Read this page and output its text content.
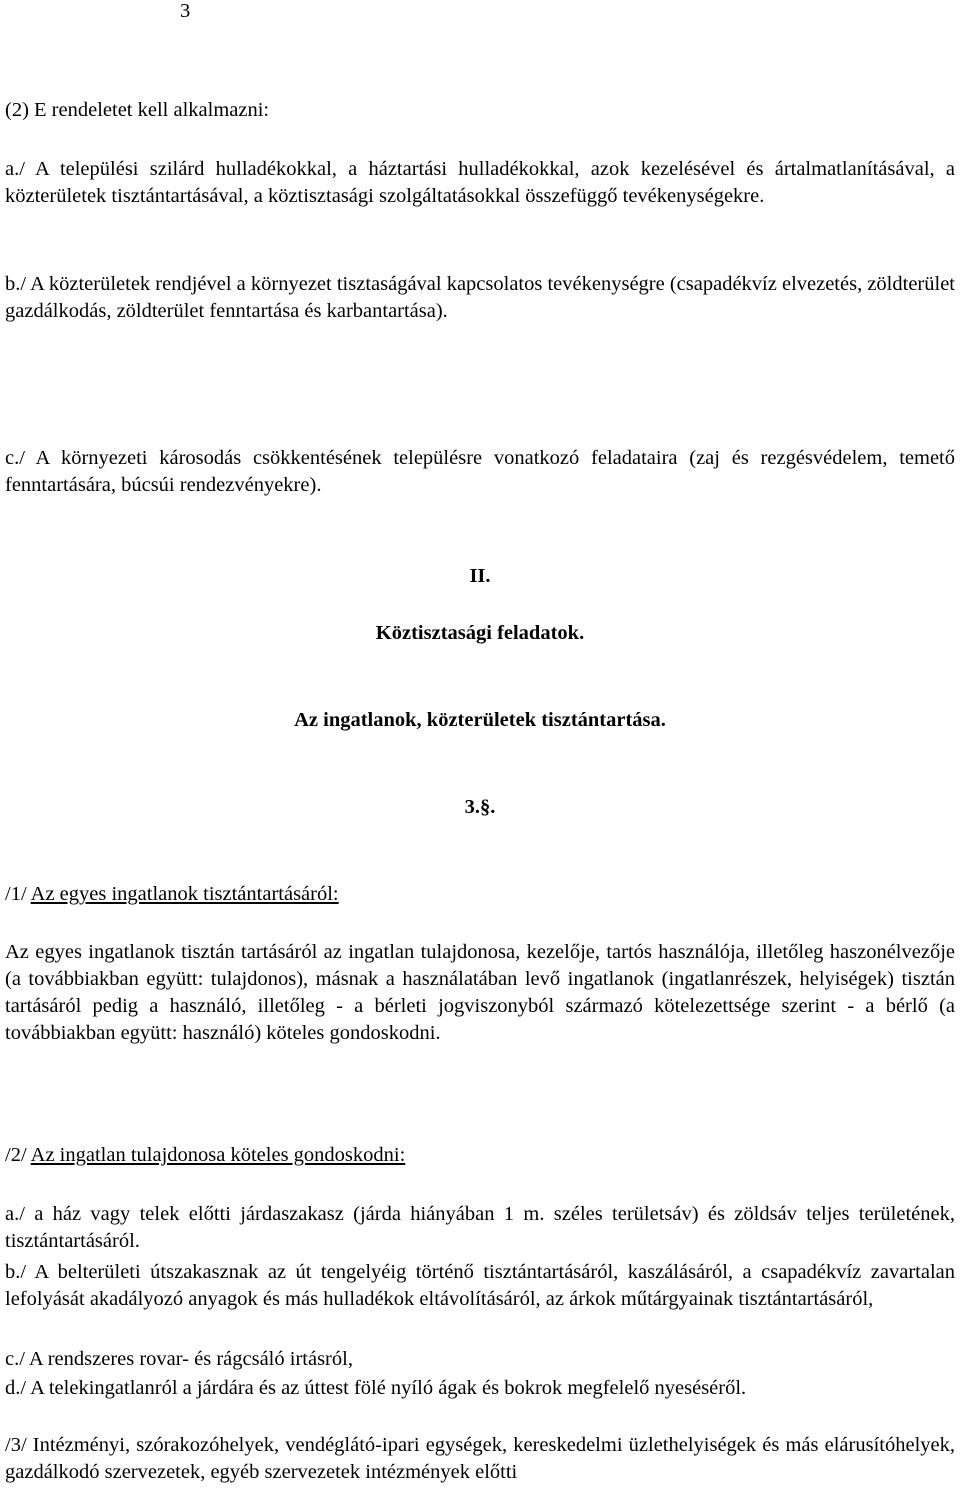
3

(2) E rendeletet kell alkalmazni:

a./ A települési szilárd hulladékokkal, a háztartási hulladékokkal, azok kezelésével és ártalmatlanításával, a közterületek tisztántartásával, a köztisztasági szolgáltatásokkal összefüggő tevékenységekre.

b./ A közterületek rendjével a környezet tisztaságával kapcsolatos tevékenységre (csapadékvíz elvezetés, zöldterület gazdálkodás, zöldterület fenntartása és karbantartása).

c./ A környezeti károsodás csökkentésének településre vonatkozó feladataira (zaj és rezgésvédelem, temető fenntartására, búcsúi rendezvényekre).

II.

Köztisztasági feladatok.

Az ingatlanok, közterületek tisztántartása.

3.§.

/1/ Az egyes ingatlanok tisztántartásáról:

Az egyes ingatlanok tisztán tartásáról az ingatlan tulajdonosa, kezelője, tartós használója, illetőleg haszonélvezője (a továbbiakban együtt: tulajdonos), másnak a használatában levő ingatlanok (ingatlanrészek, helyiségek) tisztán tartásáról pedig a használó, illetőleg - a bérleti jogviszonyból származó kötelezettsége szerint - a bérlő (a továbbiakban együtt: használó) köteles gondoskodni.

/2/ Az ingatlan tulajdonosa köteles gondoskodni:

a./ a ház vagy telek előtti járdaszakasz (járda hiányában 1 m. széles területsáv) és zöldsáv teljes területének, tisztántartásáról.

b./ A belterületi útszakasznak az út tengelyéig történő tisztántartásáról, kaszálásáról, a csapadékvíz zavartalan lefolyását akadályozó anyagok és más hulladékok eltávolításáról, az árkok műtárgyainak tisztántartásáról,

c./ A rendszeres rovar- és rágcsáló irtásról,

d./ A telekingatlanról a járdára és az úttest fölé nyíló ágak és bokrok megfelelő nyeséséről.

/3/ Intézményi, szórakozóhelyek, vendéglátó-ipari egységek, kereskedelmi üzlethelyiségek és más elárusítóhelyek, gazdálkodó szervezetek, egyéb szervezetek intézmények előtti
